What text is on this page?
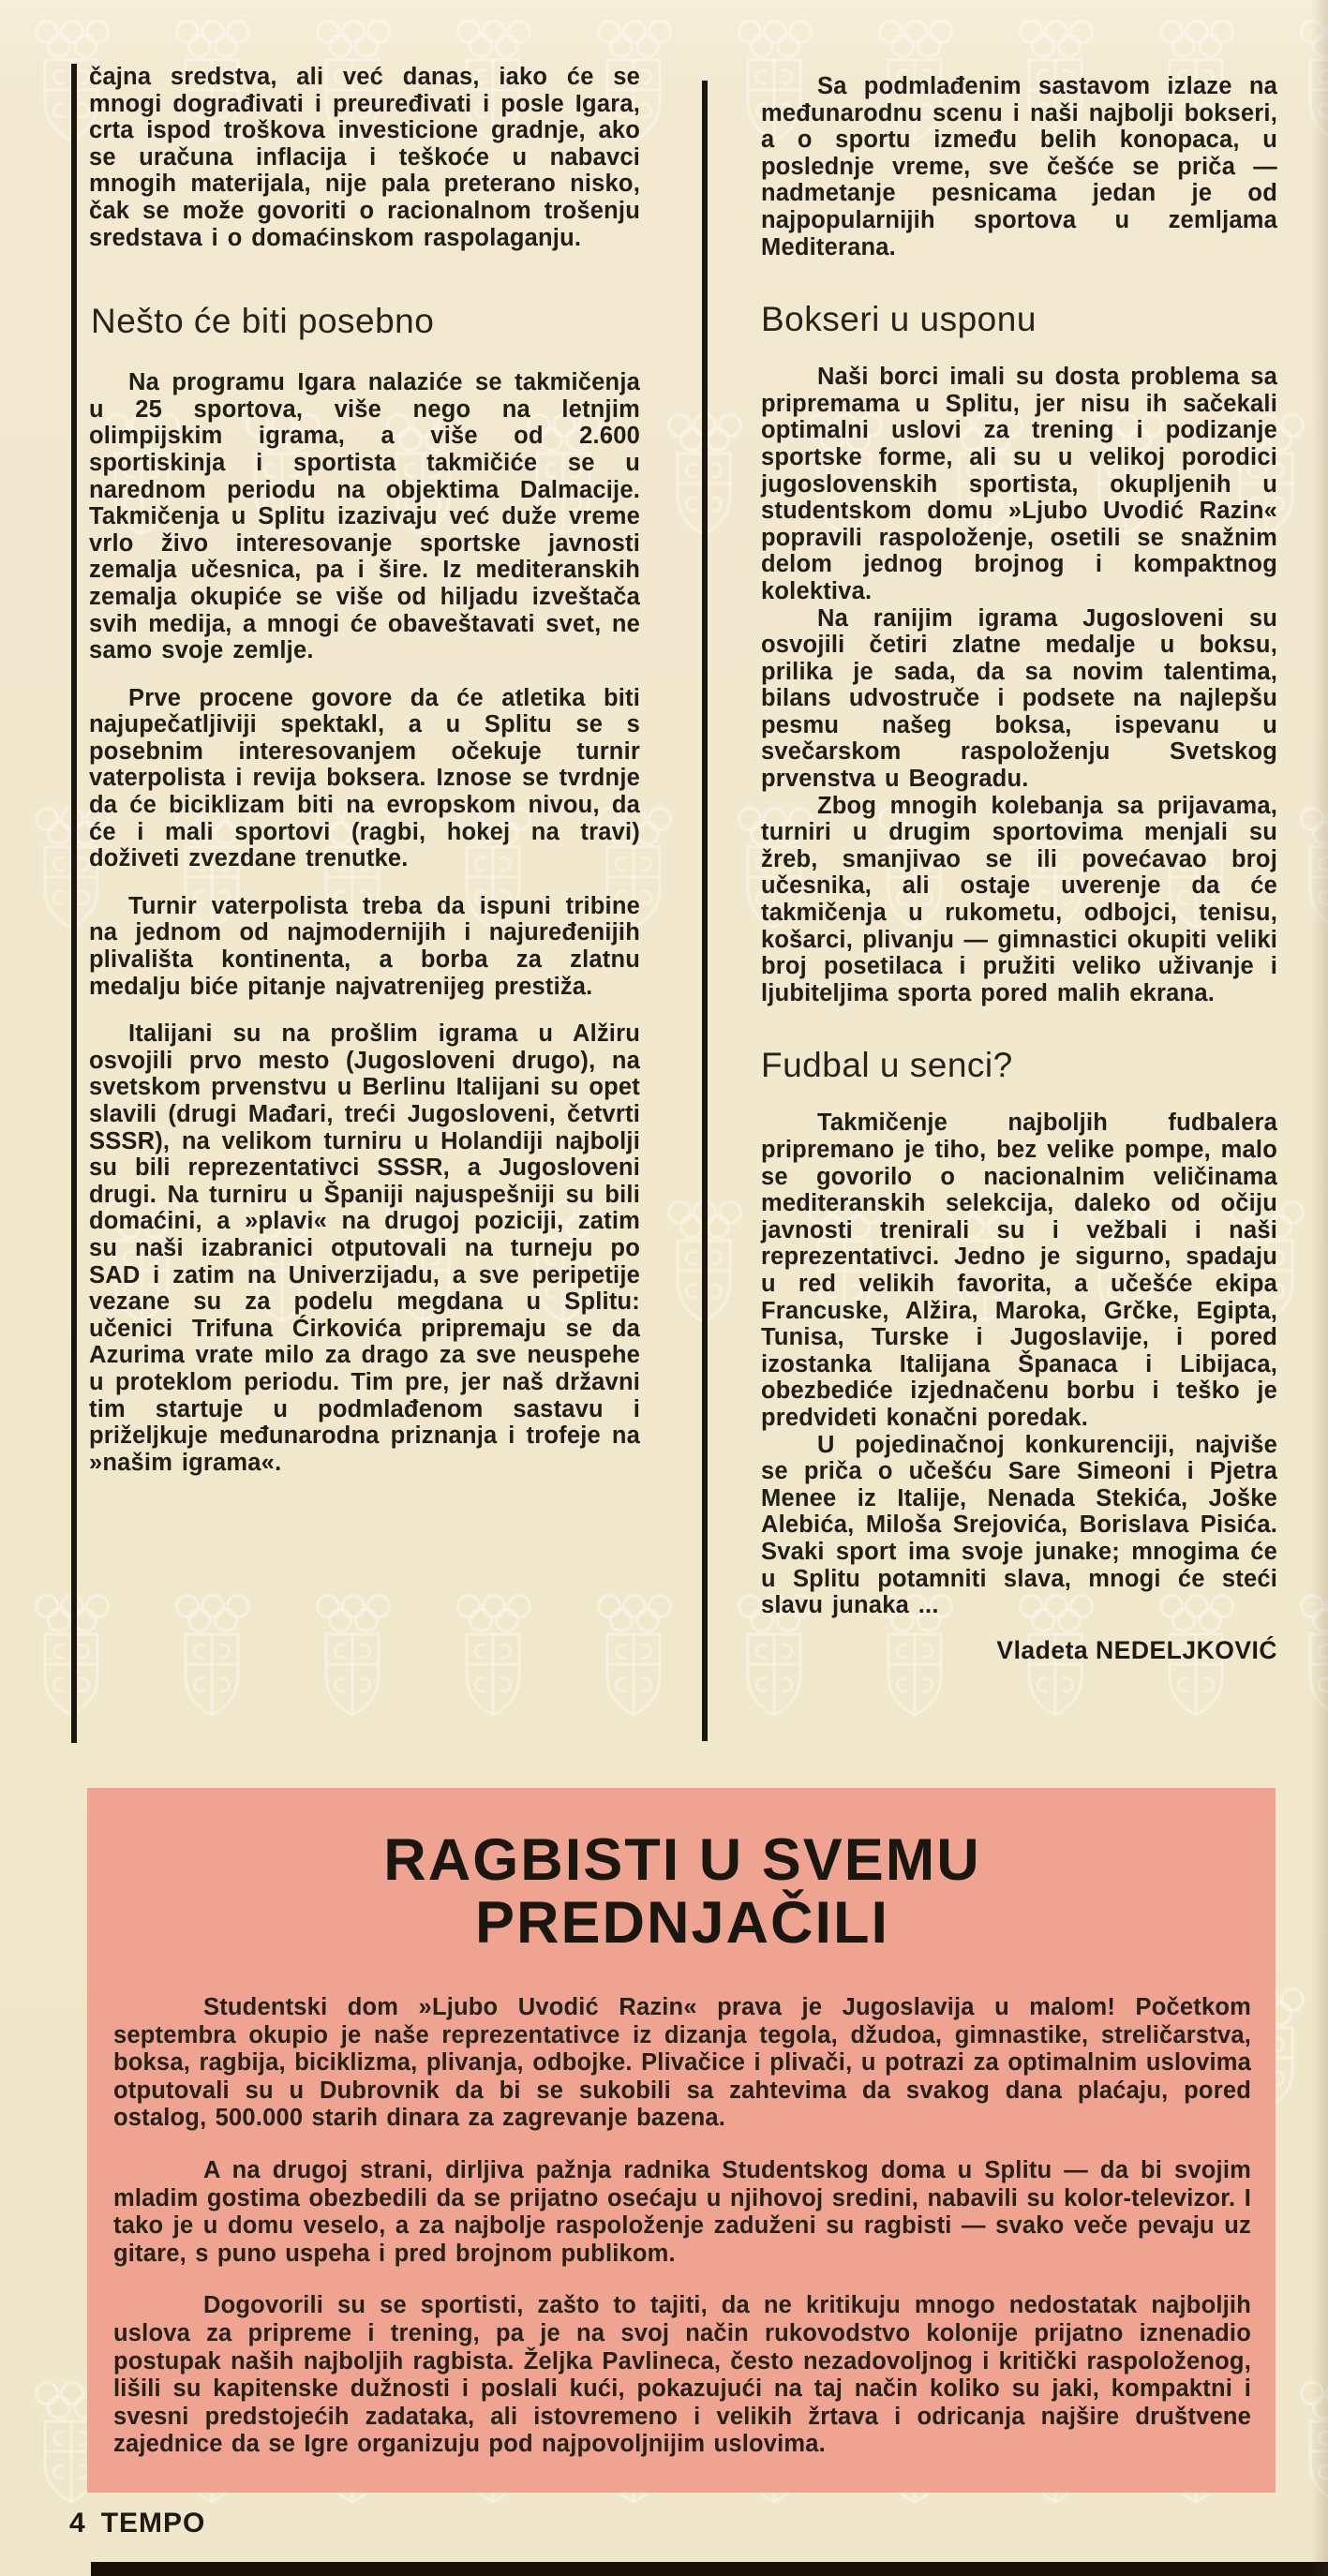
čajna sredstva, ali već danas, iako će se mnogi dograđivati i preuređivati i posle Igara, crta ispod troškova investicione gradnje, ako se uračuna inflacija i teškoće u nabavci mnogih materijala, nije pala preterano nisko, čak se može govoriti o racionalnom trošenju sredstava i o domaćinskom raspolaganju.

Nešto će biti posebno

Na programu Igara nalaziće se takmičenja u 25 sportova, više nego na letnjim olimpijskim igrama, a više od 2.600 sportiskinja i sportista takmičiće se u narednom periodu na objektima Dalmacije. Takmičenja u Splitu izazivaju već duže vreme vrlo živo interesovanje sportske javnosti zemalja učesnica, pa i šire. Iz mediteranskih zemalja okupiće se više od hiljadu izveštača svih medija, a mnogi će obaveštavati svet, ne samo svoje zemlje.

Prve procene govore da će atletika biti najupečatljiviji spektakl, a u Splitu se s posebnim interesovanjem očekuje turnir vaterpolista i revija boksera. Iznose se tvrdnje da će biciklizam biti na evropskom nivou, da će i mali sportovi (ragbi, hokej na travi) doživeti zvezdane trenutke.

Turnir vaterpolista treba da ispuni tribine na jednom od najmodernijih i najuređenijih plivališta kontinenta, a borba za zlatnu medalju biće pitanje najvatrenijeg prestiža.

Italijani su na prošlim igrama u Alžiru osvojili prvo mesto (Jugosloveni drugo), na svetskom prvenstvu u Berlinu Italijani su opet slavili (drugi Mađari, treći Jugosloveni, četvrti SSSR), na velikom turniru u Holandiji najbolji su bili reprezentativci SSSR, a Jugosloveni drugi. Na turniru u Španiji najuspešniji su bili domaćini, a »plavi« na drugoj poziciji, zatim su naši izabranici otputovali na turneju po SAD i zatim na Univerzijadu, a sve peripetije vezane su za podelu megdana u Splitu: učenici Trifuna Ćirkovića pripremaju se da Azurima vrate milo za drago za sve neuspehe u proteklom periodu. Tim pre, jer naš državni tim startuje u podmlađenom sastavu i priželjkuje međunarodna priznanja i trofeje na »našim igrama«.

Sa podmlađenim sastavom izlaze na međunarodnu scenu i naši najbolji bokseri, a o sportu između belih konopaca, u poslednje vreme, sve češće se priča — nadmetanje pesnicama jedan je od najpopularnijih sportova u zemljama Mediterana.

Bokseri u usponu

Naši borci imali su dosta problema sa pripremama u Splitu, jer nisu ih sačekali optimalni uslovi za trening i podizanje sportske forme, ali su u velikoj porodici jugoslovenskih sportista, okupljenih u studentskom domu »Ljubo Uvodić Razin« popravili raspoloženje, osetili se snažnim delom jednog brojnog i kompaktnog kolektiva.

Na ranijim igrama Jugosloveni su osvojili četiri zlatne medalje u boksu, prilika je sada, da sa novim talentima, bilans udvostruče i podsete na najlepšu pesmu našeg boksa, ispevanu u svečarskom raspoloženju Svetskog prvenstva u Beogradu.

Zbog mnogih kolebanja sa prijavama, turniri u drugim sportovima menjali su žreb, smanjivao se ili povećavao broj učesnika, ali ostaje uverenje da će takmičenja u rukometu, odbojci, tenisu, košarci, plivanju — gimnastici okupiti veliki broj posetilaca i pružiti veliko uživanje i ljubiteljima sporta pored malih ekrana.

Fudbal u senci?

Takmičenje najboljih fudbalera pripremano je tiho, bez velike pompe, malo se govorilo o nacionalnim veličinama mediteranskih selekcija, daleko od očiju javnosti trenirali su i vežbali i naši reprezentativci. Jedno je sigurno, spadaju u red velikih favorita, a učešće ekipa Francuske, Alžira, Maroka, Grčke, Egipta, Tunisa, Turske i Jugoslavije, i pored izostanka Italijana Španaca i Libijaca, obezbediće izjednačenu borbu i teško je predvideti konačni poredak.

U pojedinačnoj konkurenciji, najviše se priča o učešću Sare Simeoni i Pjetra Menee iz Italije, Nenada Stekića, Joške Alebića, Miloša Srejovića, Borislava Pisića. Svaki sport ima svoje junake; mnogima će u Splitu potamniti slava, mnogi će steći slavu junaka ...

Vladeta NEDELJKOVIĆ
RAGBISTI U SVEMU
PREDNJAČILI

Studentski dom »Ljubo Uvodić Razin« prava je Jugoslavija u malom! Početkom septembra okupio je naše reprezentativce iz dizanja tegola, džudoa, gimnastike, streličarstva, boksa, ragbija, biciklizma, plivanja, odbojke. Plivačice i plivači, u potrazi za optimalnim uslovima otputovali su u Dubrovnik da bi se sukobili sa zahtevima da svakog dana plaćaju, pored ostalog, 500.000 starih dinara za zagrevanje bazena.

A na drugoj strani, dirljiva pažnja radnika Studentskog doma u Splitu — da bi svojim mladim gostima obezbedili da se prijatno osećaju u njihovoj sredini, nabavili su kolor-televizor. I tako je u domu veselo, a za najbolje raspoloženje zaduženi su ragbisti — svako veče pevaju uz gitare, s puno uspeha i pred brojnom publikom.

Dogovorili su se sportisti, zašto to tajiti, da ne kritikuju mnogo nedostatak najboljih uslova za pripreme i trening, pa je na svoj način rukovodstvo kolonije prijatno iznenadio postupak naših najboljih ragbista. Željka Pavlineca, često nezadovoljnog i kritički raspoloženog, lišili su kapitenske dužnosti i poslali kući, pokazujući na taj način koliko su jaki, kompaktni i svesni predstojećih zadataka, ali istovremeno i velikih žrtava i odricanja najšire društvene zajednice da se Igre organizuju pod najpovoljnijim uslovima.

4 TEMPO
